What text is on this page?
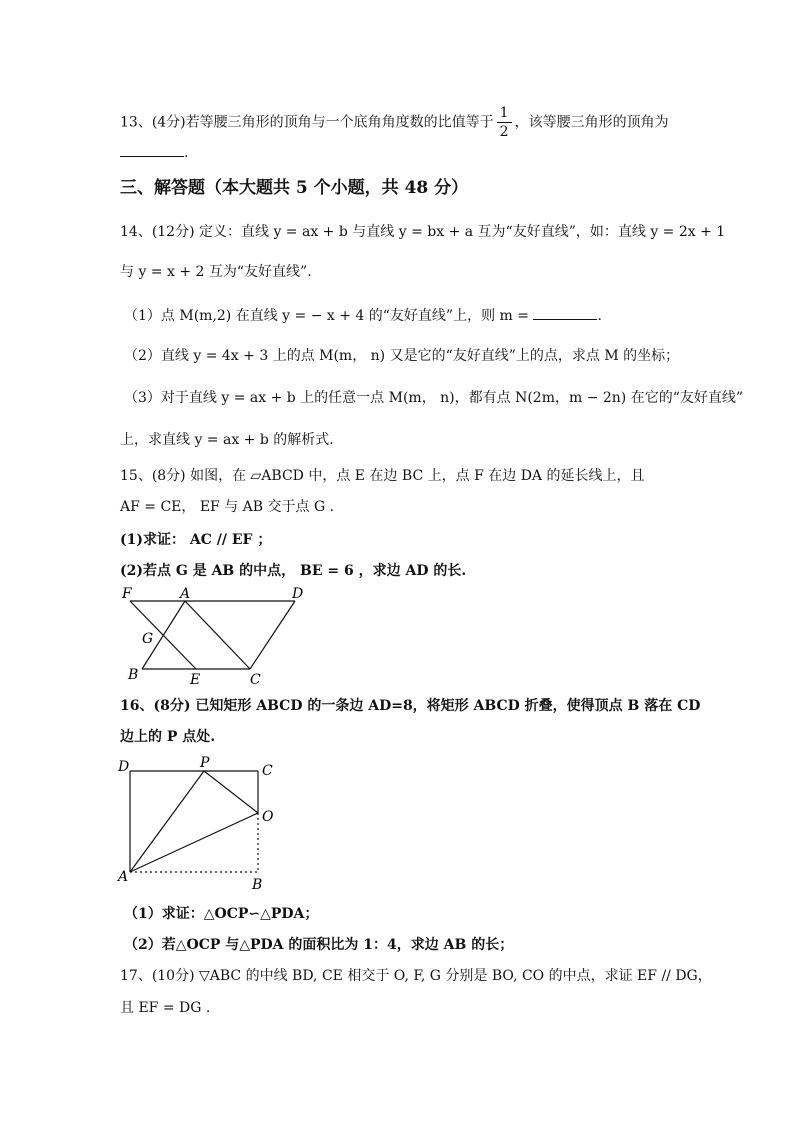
13、(4分)若等腰三角形的顶角与一个底角角度数的比值等于 $\frac{1}{2}$ ，该等腰三角形的顶角为
.
三、解答题（本大题共 5 个小题，共 48 分）
14、(12分) 定义：直线 y = ax + b 与直线 y = bx + a 互为“友好直线”，如：直线 y = 2x + 1
与 y = x + 2 互为“友好直线”.
（1）点 M(m,2) 在直线 y = − x + 4 的“友好直线”上，则 m =	.
（2）直线 y = 4x + 3 上的点 M(m， n) 又是它的“友好直线”上的点，求点 M 的坐标；
（3）对于直线 y = ax + b 上的任意一点 M(m， n)，都有点 N(2m，m − 2n) 在它的“友好直线”
上，求直线 y = ax + b 的解析式.
15、(8分) 如图，在 ▱ABCD 中，点 E 在边 BC 上，点 F 在边 DA 的延长线上，且
AF = CE， EF 与 AB 交于点 G .
(1)求证： AC // EF ；
(2)若点 G 是 AB 的中点， BE = 6 ，求边 AD 的长.
F	A	D
G
B	E	C
16、(8分) 已知矩形 ABCD 的一条边 AD=8，将矩形 ABCD 折叠，使得顶点 B 落在 CD
边上的 P 点处.
D	P	C
O
A	B
（1）求证：△OCP∽△PDA；
（2）若△OCP 与△PDA 的面积比为 1：4，求边 AB 的长；
17、(10分) ▽ABC 的中线 BD, CE 相交于 O, F, G 分别是 BO, CO 的中点，求证 EF // DG，
且 EF = DG .
